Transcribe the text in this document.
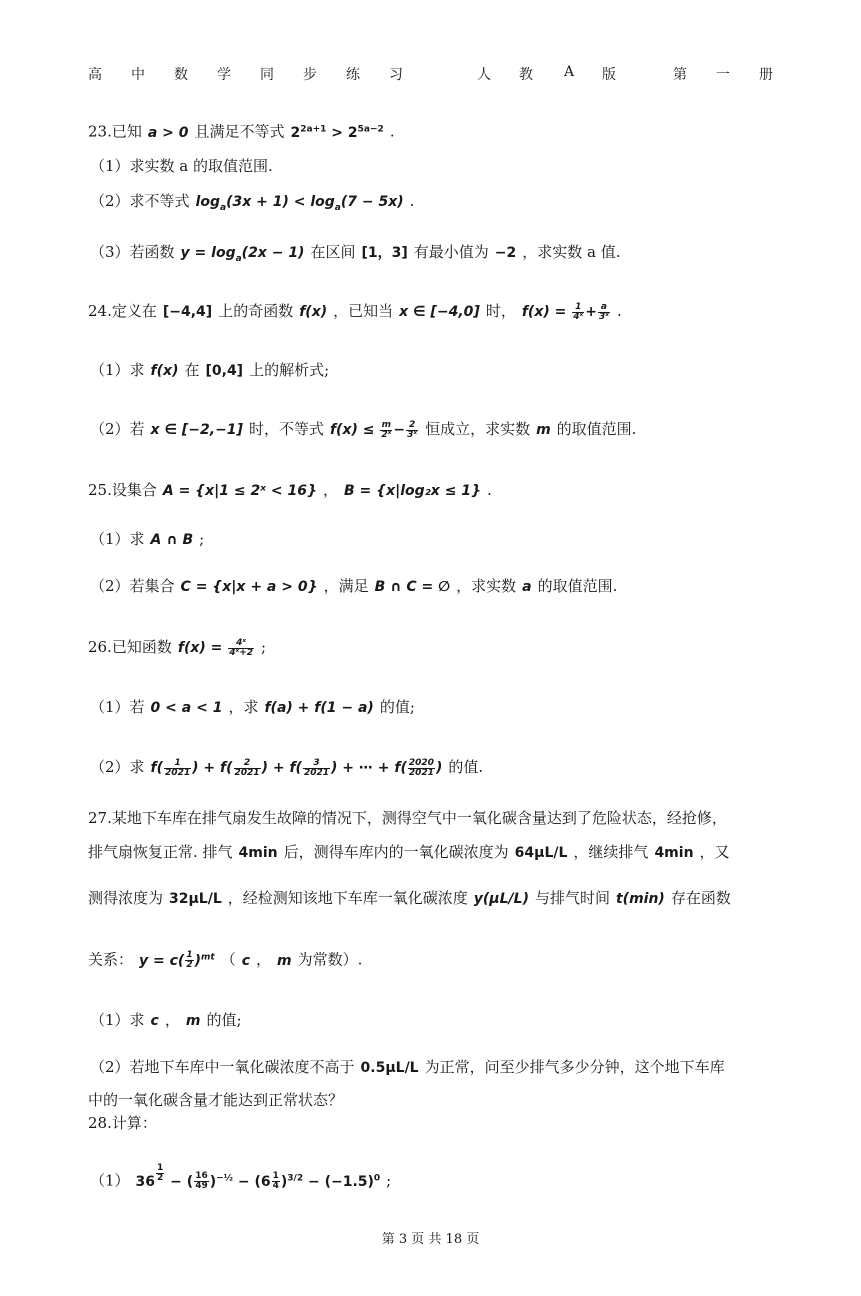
高 中 数 学 同 步 练 习	人 教 A 版	第 一 册
23.已知 a > 0 且满足不等式 $2^{2a+1} > 2^{5a-2}$ .
（1）求实数 a 的取值范围.
（2）求不等式 $\log_a(3x + 1) < \log_a(7 - 5x)$ .
（3）若函数 $y = \log_a(2x - 1)$ 在区间 [1，3] 有最小值为 −2 ，求实数 a 值.
24.定义在 [−4,4] 上的奇函数 f(x) ，已知当 x ∈ [−4,0] 时， $f(x) = \frac{1}{\text{4ˣ}} + \frac{a}{\text{3ˣ}}$ .
（1）求 f(x) 在 [0,4] 上的解析式;
（2）若 x ∈ [−2,−1] 时，不等式 $f(x) \le \frac{m}{\text{2ˣ}} - \frac{2}{\text{3ˣ}}$ 恒成立，求实数 m 的取值范围.
25.设集合 A = {x|1 ≤ 2ˣ < 16} ， B = {x|log₂x ≤ 1} .
（1）求 A ∩ B ;
（2）若集合 C = {x|x + a > 0} ，满足 B ∩ C = ∅ ，求实数 a 的取值范围.
26.已知函数 $f(x) = \frac{\text{4ˣ}}{\text{4ˣ+2}}$ ;
（1）若 0 < a < 1 ，求 f(a) + f(1 − a) 的值;
（2）求 $f( \frac{1}{2021}$ ) + $f( \frac{2}{2021}$ ) + $f( \frac{3}{2021}$ ) + ⋯ + $f( \frac{2020}{2021}$ ) 的值.
27.某地下车库在排气扇发生故障的情况下，测得空气中一氧化碳含量达到了危险状态，经抢修，
排气扇恢复正常. 排气 4min 后，测得车库内的一氧化碳浓度为 64μL/L ，继续排气 4min ，又
测得浓度为 32μL/L ，经检测知该地下车库一氧化碳浓度 y(μL/L) 与排气时间 t(min) 存在函数
关系： $y = c( \frac{1}{2} )^{mt}$ （ c ， m 为常数）.
（1）求 c ， m 的值;
（2）若地下车库中一氧化碳浓度不高于 0.5μL/L 为正常，问至少排气多少分钟，这个地下车库
中的一氧化碳含量才能达到正常状态？
28.计算：
（1） 36 $^{\frac{1}{2}}$ − ( $\frac{16}{49} )^{-\frac{1}{2}} - (6 \frac{1}{4} )^{3/2} - (-1.5)^0$ ;
第 3 页 共 18 页
